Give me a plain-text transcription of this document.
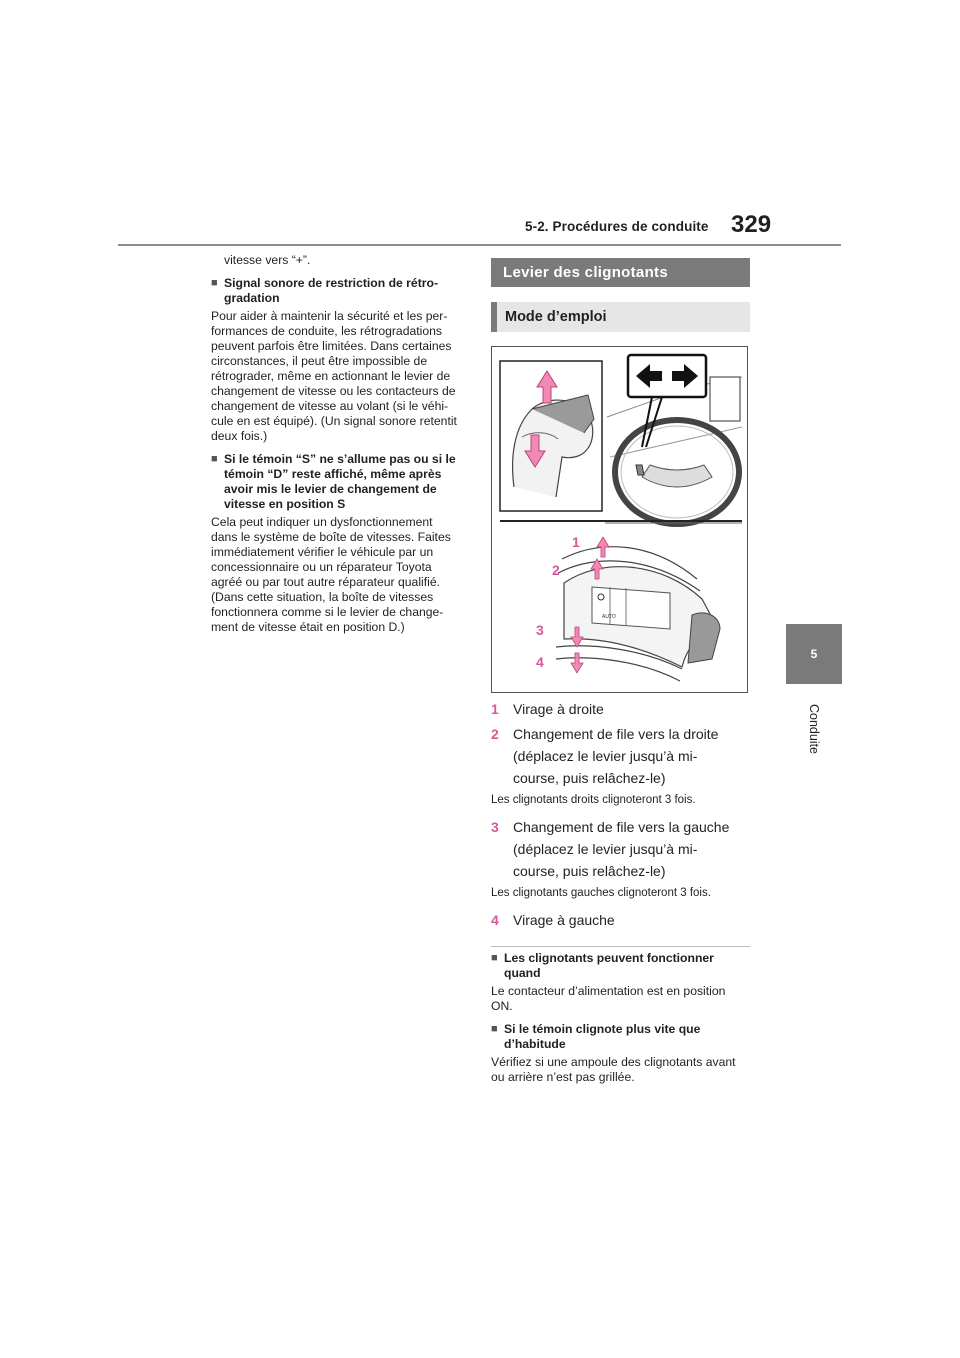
5-2. Procédures de conduite 329
5
Conduite

vitesse vers “+”.

■ Signal sonore de restriction de rétro-
gradation

Pour aider à maintenir la sécurité et les per-
formances de conduite, les rétrogradations
peuvent parfois être limitées. Dans certaines
circonstances, il peut être impossible de
rétrograder, même en actionnant le levier de
changement de vitesse ou les contacteurs de
changement de vitesse au volant (si le véhi-
cule en est équipé). (Un signal sonore retentit
deux fois.)

■ Si le témoin “S” ne s’allume pas ou si le
témoin “D” reste affiché, même après
avoir mis le levier de changement de
vitesse en position S

Cela peut indiquer un dysfonctionnement
dans le système de boîte de vitesses. Faites
immédiatement vérifier le véhicule par un
concessionnaire ou un réparateur Toyota
agréé ou par tout autre réparateur qualifié.
(Dans cette situation, la boîte de vitesses
fonctionnera comme si le levier de change-
ment de vitesse était en position D.)

Levier des clignotants
Mode d’emploi
AUTO
1
2
3
4
1	Virage à droite
2	Changement de file vers la droite
(déplacez le levier jusqu’à mi-
course, puis relâchez-le)

Les clignotants droits clignoteront 3 fois.

3	Changement de file vers la gauche
(déplacez le levier jusqu’à mi-
course, puis relâchez-le)

Les clignotants gauches clignoteront 3 fois.

4	Virage à gauche
■ Les clignotants peuvent fonctionner
quand

Le contacteur d’alimentation est en position
ON.

■ Si le témoin clignote plus vite que
d’habitude

Vérifiez si une ampoule des clignotants avant
ou arrière n’est pas grillée.
